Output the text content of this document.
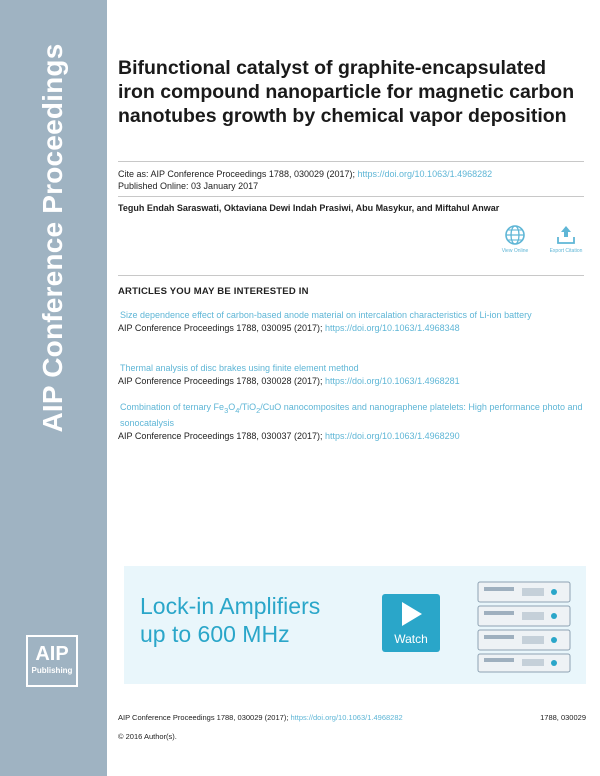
AIP Conference Proceedings
AIP
Publishing
Bifunctional catalyst of graphite-encapsulated iron compound nanoparticle for magnetic carbon nanotubes growth by chemical vapor deposition
Cite as: AIP Conference Proceedings 1788, 030029 (2017); https://doi.org/10.1063/1.4968282
Published Online: 03 January 2017
Teguh Endah Saraswati, Oktaviana Dewi Indah Prasiwi, Abu Masykur, and Miftahul Anwar
View Online	Export Citation
ARTICLES YOU MAY BE INTERESTED IN
Size dependence effect of carbon-based anode material on intercalation characteristics of Li-ion battery
AIP Conference Proceedings 1788, 030095 (2017); https://doi.org/10.1063/1.4968348
Thermal analysis of disc brakes using finite element method
AIP Conference Proceedings 1788, 030028 (2017); https://doi.org/10.1063/1.4968281
Combination of ternary $Fe_3O_4/TiO_2$/CuO nanocomposites and nanographene platelets: High performance photo and sonocatalysis
AIP Conference Proceedings 1788, 030037 (2017); https://doi.org/10.1063/1.4968290
Lock-in Amplifiers
up to 600 MHz	Watch
AIP Conference Proceedings 1788, 030029 (2017); https://doi.org/10.1063/1.4968282	1788, 030029
© 2016 Author(s).
